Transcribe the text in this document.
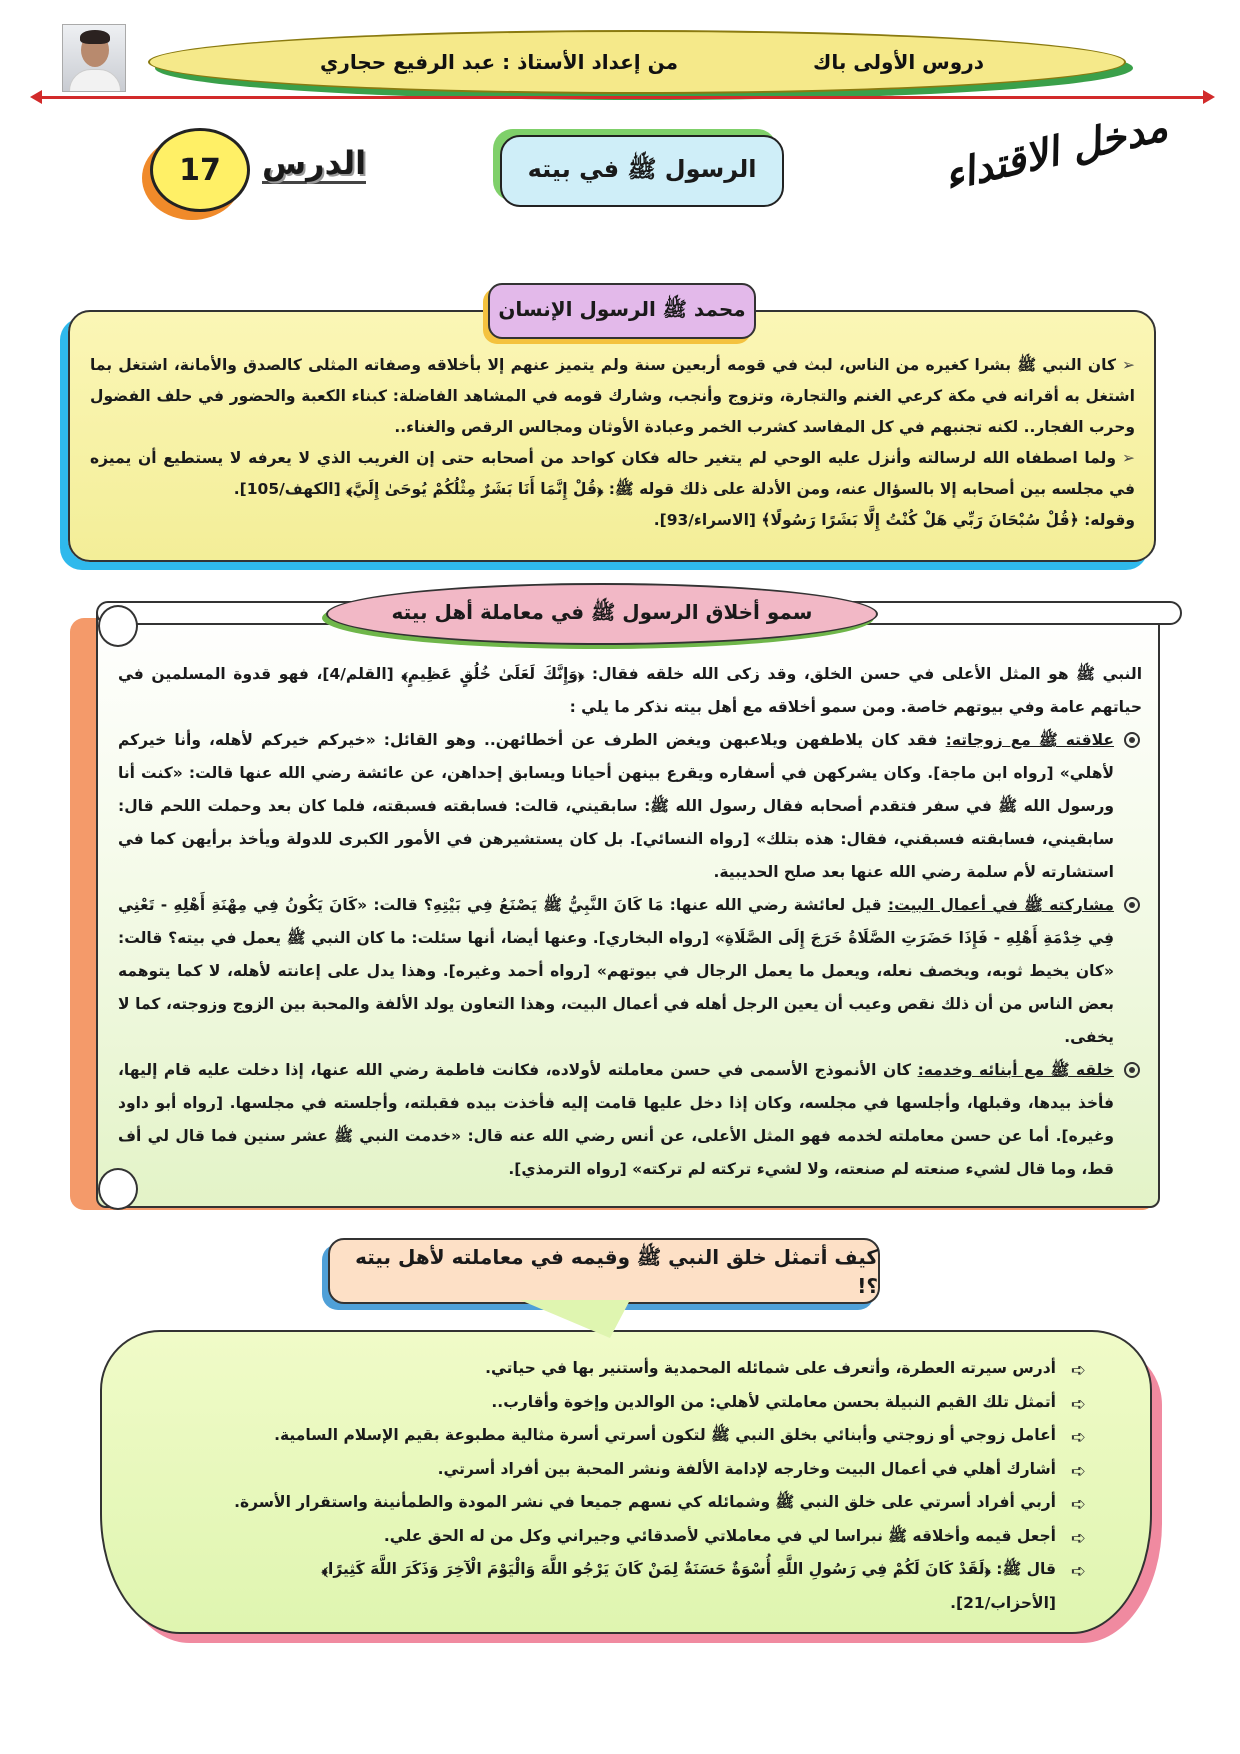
دروس الأولى باك
من إعداد الأستاذ : عبد الرفيع حجاري
17 الدرس	الرسول ﷺ في بيته	مدخل الاقتداء
محمد ﷺ الرسول الإنسان

➢كان النبي ﷺ بشرا كغيره من الناس، لبث في قومه أربعين سنة ولم يتميز عنهم إلا بأخلاقه وصفاته المثلى كالصدق والأمانة، اشتغل بما اشتغل به أقرانه في مكة كرعي الغنم والتجارة، وتزوج وأنجب، وشارك قومه في المشاهد الفاضلة: كبناء الكعبة والحضور في حلف الفضول وحرب الفجار.. لكنه تجنبهم في كل المفاسد كشرب الخمر وعبادة الأوثان ومجالس الرقص والغناء..

➢ولما اصطفاه الله لرسالته وأنزل عليه الوحي لم يتغير حاله فكان كواحد من أصحابه حتى إن الغريب الذي لا يعرفه لا يستطيع أن يميزه في مجلسه بين أصحابه إلا بالسؤال عنه، ومن الأدلة على ذلك قوله ﷺ: ﴿قُلْ إِنَّمَا أَنَا بَشَرٌ مِثْلُكُمْ يُوحَىٰ إِلَيَّ﴾ [الكهف/105].

وقوله: ﴿قُلْ سُبْحَانَ رَبِّي هَلْ كُنْتُ إِلَّا بَشَرًا رَسُولًا﴾ [الاسراء/93].

سمو أخلاق الرسول ﷺ في معاملة أهل بيته

النبي ﷺ هو المثل الأعلى في حسن الخلق، وقد زكى الله خلقه فقال: ﴿وَإِنَّكَ لَعَلَىٰ خُلُقٍ عَظِيمٍ﴾ [القلم/4]، فهو قدوة المسلمين في حياتهم عامة وفي بيوتهم خاصة. ومن سمو أخلاقه مع أهل بيته نذكر ما يلي :

علاقته ﷺ مع زوجاته: فقد كان يلاطفهن ويلاعبهن ويغض الطرف عن أخطائهن.. وهو القائل: «خيركم خيركم لأهله، وأنا خيركم لأهلي» [رواه ابن ماجة]. وكان يشركهن في أسفاره ويقرع بينهن أحيانا ويسابق إحداهن، عن عائشة رضي الله عنها قالت: «كنت أنا ورسول الله ﷺ في سفر فتقدم أصحابه فقال رسول الله ﷺ: سابقيني، قالت: فسابقته فسبقته، فلما كان بعد وحملت اللحم قال: سابقيني، فسابقته فسبقني، فقال: هذه بتلك» [رواه النسائي]. بل كان يستشيرهن في الأمور الكبرى للدولة ويأخذ برأيهن كما في استشارته لأم سلمة رضي الله عنها بعد صلح الحديبية.
مشاركته ﷺ في أعمال البيت: قيل لعائشة رضي الله عنها: مَا كَانَ النَّبِيُّ ﷺ يَصْنَعُ فِي بَيْتِهِ؟ قالت: «كَانَ يَكُونُ فِي مِهْنَةِ أَهْلِهِ - تَعْنِي فِي خِدْمَةِ أَهْلِهِ - فَإِذَا حَضَرَتِ الصَّلَاةُ خَرَجَ إِلَى الصَّلَاةِ» [رواه البخاري]. وعنها أيضا، أنها سئلت: ما كان النبي ﷺ يعمل في بيته؟ قالت: «كان يخيط ثوبه، ويخصف نعله، ويعمل ما يعمل الرجال في بيوتهم» [رواه أحمد وغيره]. وهذا يدل على إعانته لأهله، لا كما يتوهمه بعض الناس من أن ذلك نقص وعيب أن يعين الرجل أهله في أعمال البيت، وهذا التعاون يولد الألفة والمحبة بين الزوج وزوجته، كما لا يخفى.
خلقه ﷺ مع أبنائه وخدمه: كان الأنموذج الأسمى في حسن معاملته لأولاده، فكانت فاطمة رضي الله عنها، إذا دخلت عليه قام إليها، فأخذ بيدها، وقبلها، وأجلسها في مجلسه، وكان إذا دخل عليها قامت إليه فأخذت بيده فقبلته، وأجلسته في مجلسها. [رواه أبو داود وغيره]. أما عن حسن معاملته لخدمه فهو المثل الأعلى، عن أنس رضي الله عنه قال: «خدمت النبي ﷺ عشر سنين فما قال لي أف قط، وما قال لشيء صنعته لم صنعته، ولا لشيء تركته لم تركته» [رواه الترمذي].
كيف أتمثل خلق النبي ﷺ وقيمه في معاملته لأهل بيته ؟!
➪
أدرس سيرته العطرة، وأتعرف على شمائله المحمدية وأستنير بها في حياتي.
➪
أتمثل تلك القيم النبيلة بحسن معاملتي لأهلي: من الوالدين وإخوة وأقارب..
➪
أعامل زوجي أو زوجتي وأبنائي بخلق النبي ﷺ لتكون أسرتي أسرة مثالية مطبوعة بقيم الإسلام السامية.
➪
أشارك أهلي في أعمال البيت وخارجه لإدامة الألفة ونشر المحبة بين أفراد أسرتي.
➪
أربي أفراد أسرتي على خلق النبي ﷺ وشمائله كي نسهم جميعا في نشر المودة والطمأنينة واستقرار الأسرة.
➪
أجعل قيمه وأخلاقه ﷺ نبراسا لي في معاملاتي لأصدقائي وجيراني وكل من له الحق علي.
➪
قال ﷺ: ﴿لَقَدْ كَانَ لَكُمْ فِي رَسُولِ اللَّهِ أُسْوَةٌ حَسَنَةٌ لِمَنْ كَانَ يَرْجُو اللَّهَ وَالْيَوْمَ الْآخِرَ وَذَكَرَ اللَّهَ كَثِيرًا﴾ [الأحزاب/21].
